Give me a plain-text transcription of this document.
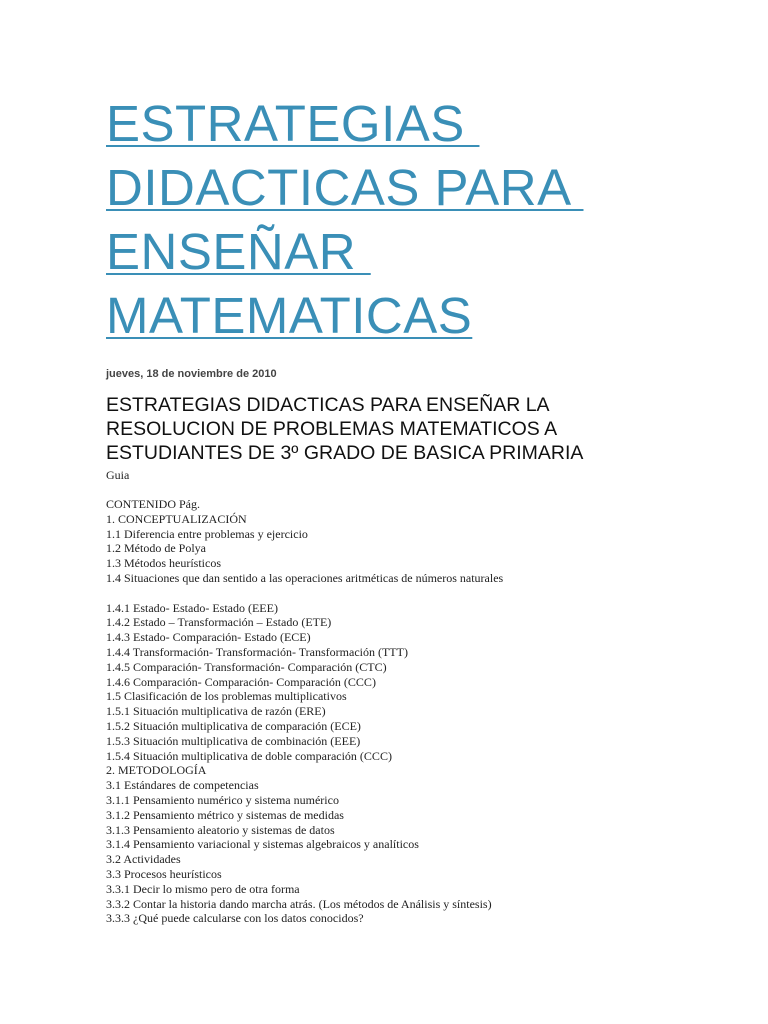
ESTRATEGIAS
DIDACTICAS PARA
ENSEÑAR
MATEMATICAS

jueves, 18 de noviembre de 2010

ESTRATEGIAS DIDACTICAS PARA ENSEÑAR LA
RESOLUCION DE PROBLEMAS MATEMATICOS A
ESTUDIANTES DE 3º GRADO DE BASICA PRIMARIA

Guia

CONTENIDO Pág.
1. CONCEPTUALIZACIÓN
1.1 Diferencia entre problemas y ejercicio
1.2 Método de Polya
1.3 Métodos heurísticos
1.4 Situaciones que dan sentido a las operaciones aritméticas de números naturales
1.4.1 Estado- Estado- Estado (EEE)
1.4.2 Estado – Transformación – Estado (ETE)
1.4.3 Estado- Comparación- Estado (ECE)
1.4.4 Transformación- Transformación- Transformación (TTT)
1.4.5 Comparación- Transformación- Comparación (CTC)
1.4.6 Comparación- Comparación- Comparación (CCC)
1.5 Clasificación de los problemas multiplicativos
1.5.1 Situación multiplicativa de razón (ERE)
1.5.2 Situación multiplicativa de comparación (ECE)
1.5.3 Situación multiplicativa de combinación (EEE)
1.5.4 Situación multiplicativa de doble comparación (CCC)
2. METODOLOGÍA
3.1 Estándares de competencias
3.1.1 Pensamiento numérico y sistema numérico
3.1.2 Pensamiento métrico y sistemas de medidas
3.1.3 Pensamiento aleatorio y sistemas de datos
3.1.4 Pensamiento variacional y sistemas algebraicos y analíticos
3.2 Actividades
3.3 Procesos heurísticos
3.3.1 Decir lo mismo pero de otra forma
3.3.2 Contar la historia dando marcha atrás. (Los métodos de Análisis y síntesis)
3.3.3 ¿Qué puede calcularse con los datos conocidos?
